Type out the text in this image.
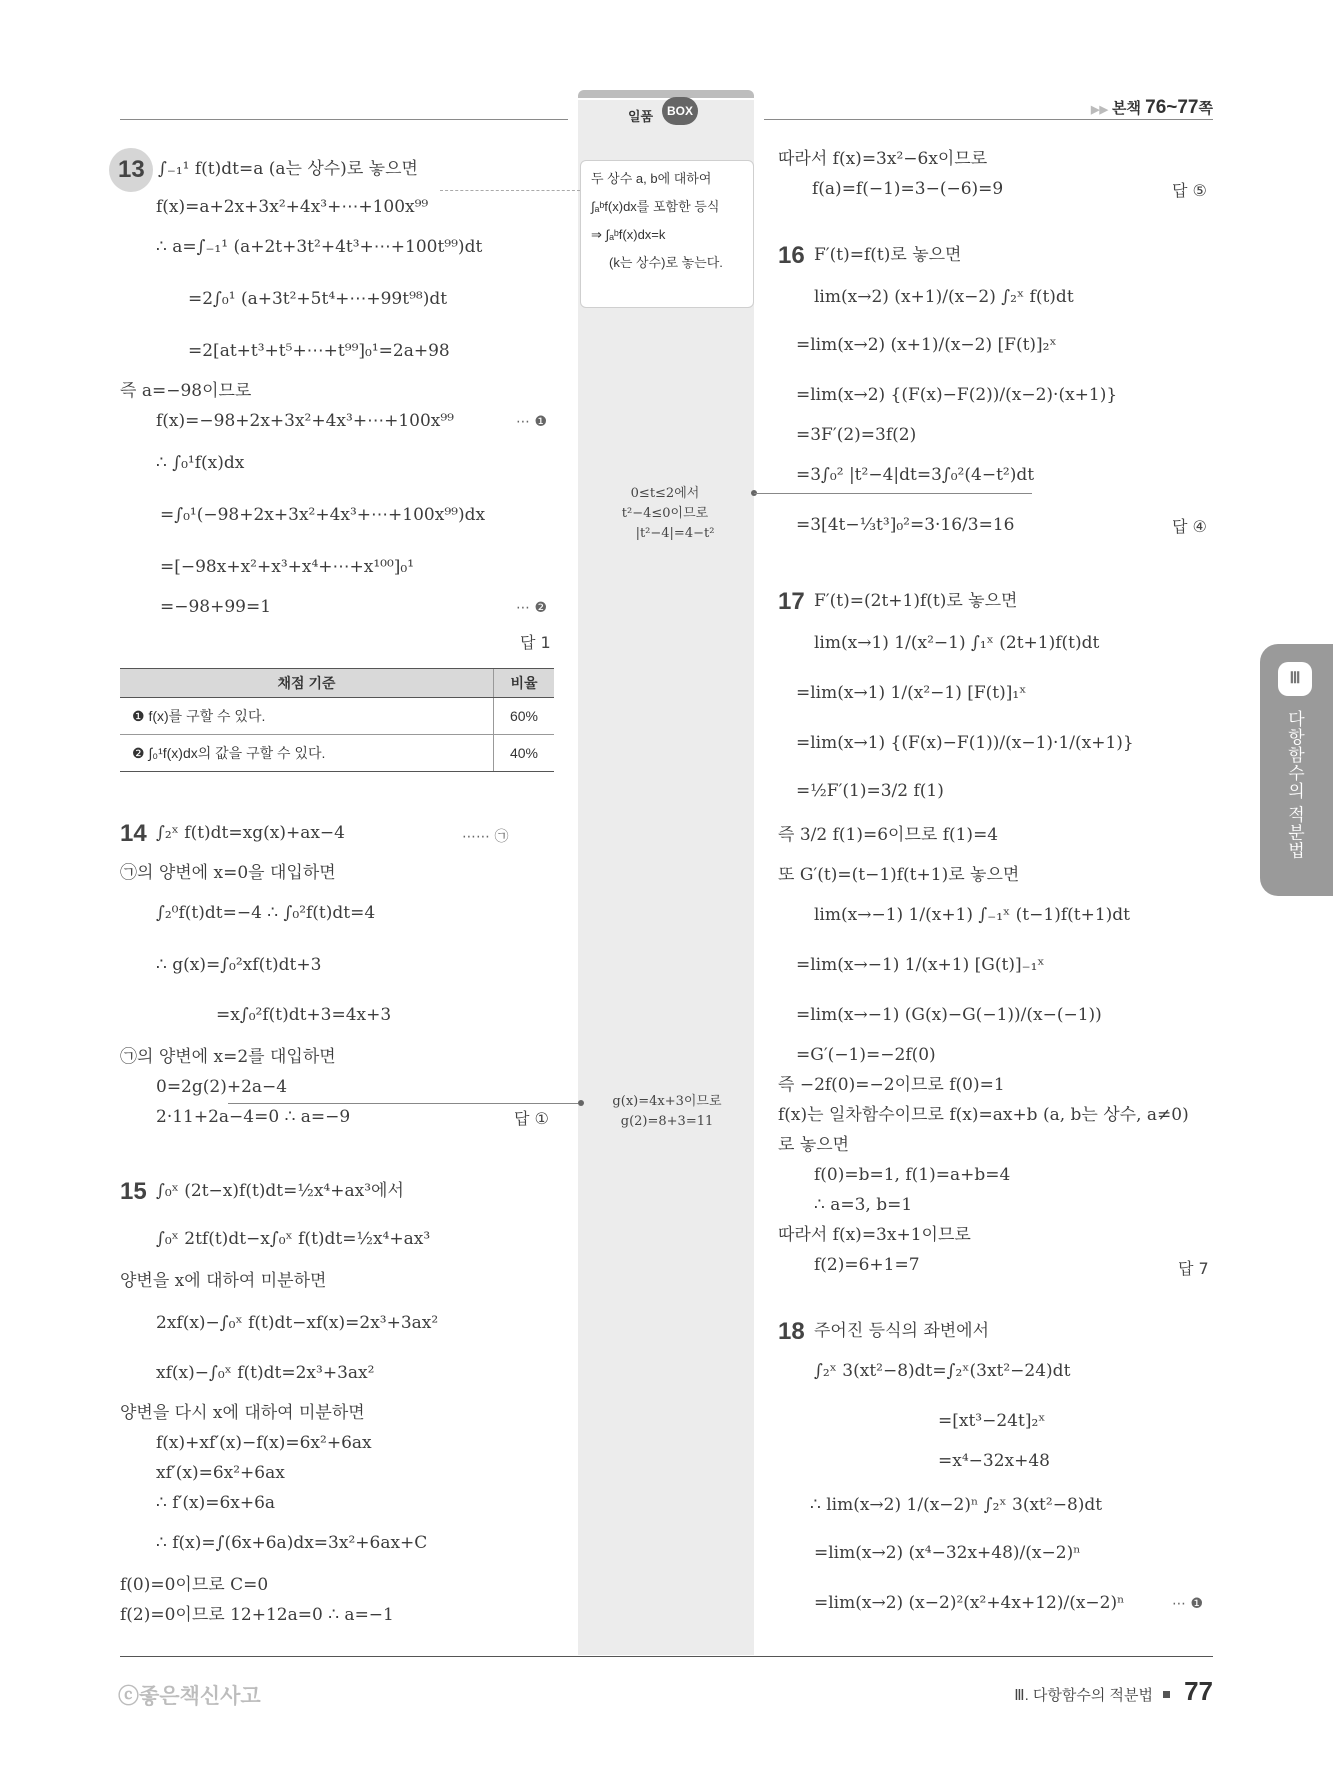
일품	BOX	▶▶ 본책 76~77쪽

두 상수 a, b에 대하여

∫ₐᵇf(x)dx를 포함한 등식

⇒ ∫ₐᵇf(x)dx=k

(k는 상수)로 놓는다.

0≤t≤2에서
t²−4≤0이므로
|t²−4|=4−t²
g(x)=4x+3이므로
g(2)=8+3=11
13 ∫₋₁¹ f(t)dt=a (a는 상수)로 놓으면
f(x)=a+2x+3x²+4x³+⋯+100x⁹⁹
∴ a=∫₋₁¹ (a+2t+3t²+4t³+⋯+100t⁹⁹)dt
=2∫₀¹ (a+3t²+5t⁴+⋯+99t⁹⁸)dt
=2[at+t³+t⁵+⋯+t⁹⁹]₀¹=2a+98
즉 a=−98이므로
f(x)=−98+2x+3x²+4x³+⋯+100x⁹⁹	⋯ ❶
∴ ∫₀¹f(x)dx
=∫₀¹(−98+2x+3x²+4x³+⋯+100x⁹⁹)dx
=[−98x+x²+x³+x⁴+⋯+x¹⁰⁰]₀¹
=−98+99=1	⋯ ❷
답 1
채점 기준	비율
❶ f(x)를 구할 수 있다.	60%
❷ ∫₀¹f(x)dx의 값을 구할 수 있다.	40%
14 ∫₂ˣ f(t)dt=xg(x)+ax−4	⋯⋯ ㉠
㉠의 양변에 x=0을 대입하면
∫₂⁰f(t)dt=−4 ∴ ∫₀²f(t)dt=4
∴ g(x)=∫₀²xf(t)dt+3
=x∫₀²f(t)dt+3=4x+3
㉠의 양변에 x=2를 대입하면
0=2g(2)+2a−4
2·11+2a−4=0 ∴ a=−9	답 ①
15 ∫₀ˣ (2t−x)f(t)dt=½x⁴+ax³에서
∫₀ˣ 2tf(t)dt−x∫₀ˣ f(t)dt=½x⁴+ax³
양변을 x에 대하여 미분하면
2xf(x)−∫₀ˣ f(t)dt−xf(x)=2x³+3ax²
xf(x)−∫₀ˣ f(t)dt=2x³+3ax²
양변을 다시 x에 대하여 미분하면
f(x)+xf′(x)−f(x)=6x²+6ax
xf′(x)=6x²+6ax
∴ f′(x)=6x+6a
∴ f(x)=∫(6x+6a)dx=3x²+6ax+C
f(0)=0이므로 C=0
f(2)=0이므로 12+12a=0 ∴ a=−1
따라서 f(x)=3x²−6x이므로
f(a)=f(−1)=3−(−6)=9	답 ⑤
16 F′(t)=f(t)로 놓으면
lim(x→2) (x+1)/(x−2) ∫₂ˣ f(t)dt
=lim(x→2) (x+1)/(x−2) [F(t)]₂ˣ
=lim(x→2) {(F(x)−F(2))/(x−2)·(x+1)}
=3F′(2)=3f(2)
=3∫₀² |t²−4|dt=3∫₀²(4−t²)dt
=3[4t−⅓t³]₀²=3·16/3=16	답 ④
17 F′(t)=(2t+1)f(t)로 놓으면
lim(x→1) 1/(x²−1) ∫₁ˣ (2t+1)f(t)dt
=lim(x→1) 1/(x²−1) [F(t)]₁ˣ
=lim(x→1) {(F(x)−F(1))/(x−1)·1/(x+1)}
=½F′(1)=3/2 f(1)
즉 3/2 f(1)=6이므로 f(1)=4
또 G′(t)=(t−1)f(t+1)로 놓으면
lim(x→−1) 1/(x+1) ∫₋₁ˣ (t−1)f(t+1)dt
=lim(x→−1) 1/(x+1) [G(t)]₋₁ˣ
=lim(x→−1) (G(x)−G(−1))/(x−(−1))
=G′(−1)=−2f(0)
즉 −2f(0)=−2이므로 f(0)=1
f(x)는 일차함수이므로 f(x)=ax+b (a, b는 상수, a≠0)
로 놓으면
f(0)=b=1, f(1)=a+b=4
∴ a=3, b=1
따라서 f(x)=3x+1이므로
f(2)=6+1=7	답 7
18 주어진 등식의 좌변에서
∫₂ˣ 3(xt²−8)dt=∫₂ˣ(3xt²−24)dt
=[xt³−24t]₂ˣ
=x⁴−32x+48
∴ lim(x→2) 1/(x−2)ⁿ ∫₂ˣ 3(xt²−8)dt
=lim(x→2) (x⁴−32x+48)/(x−2)ⁿ
=lim(x→2) (x−2)²(x²+4x+12)/(x−2)ⁿ	⋯ ❶
Ⅲ
다항함수의 적분법
ⓒ좋은책신사고	Ⅲ. 다항함수의 적분법 77
